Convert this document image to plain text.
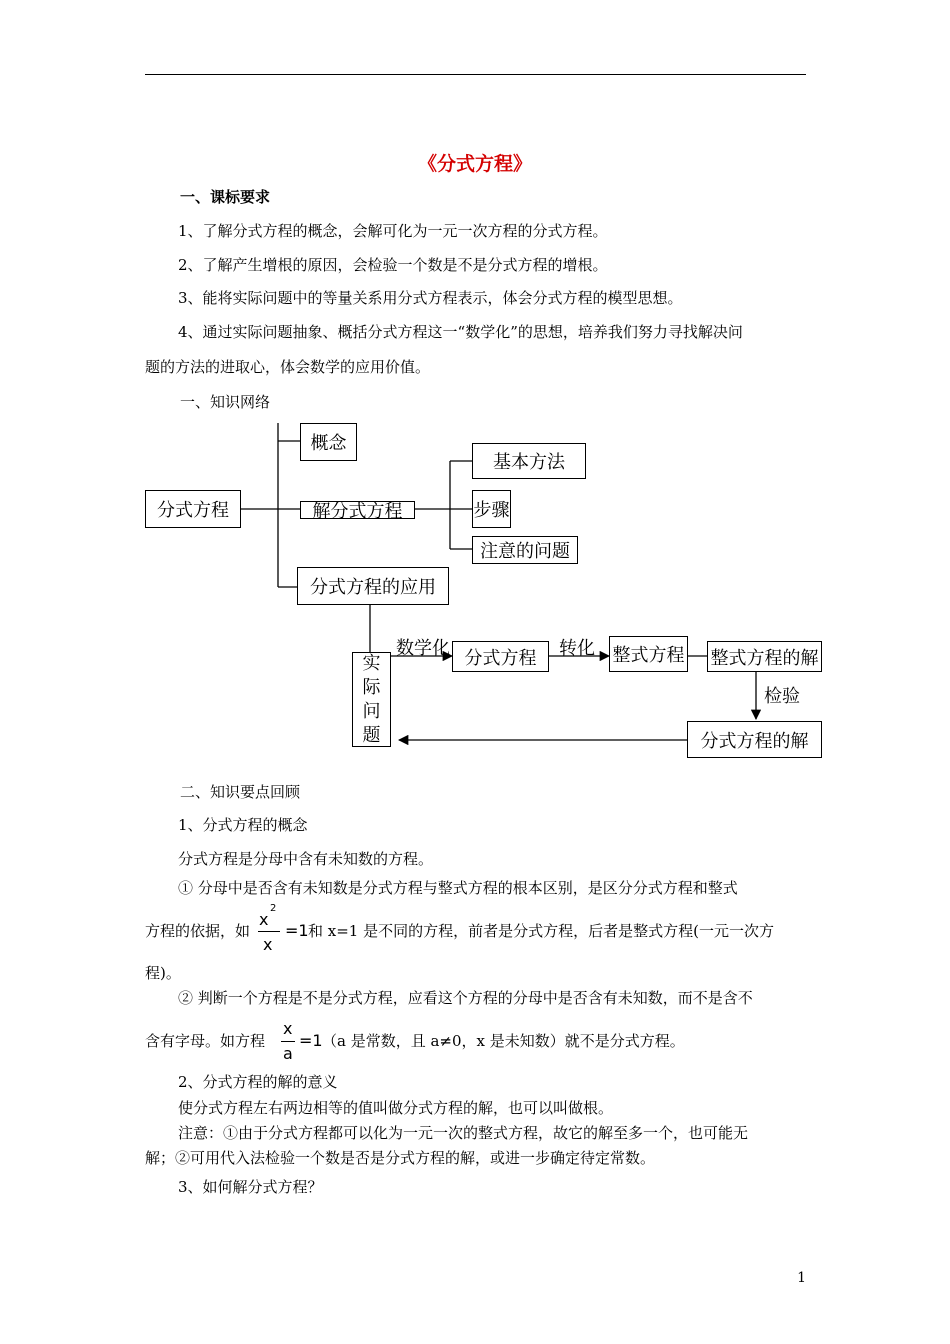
《分式方程》
一、课标要求
1、了解分式方程的概念，会解可化为一元一次方程的分式方程。
2、了解产生增根的原因，会检验一个数是不是分式方程的增根。
3、能将实际问题中的等量关系用分式方程表示，体会分式方程的模型思想。
4、通过实际问题抽象、概括分式方程这一“数学化”的思想，培养我们努力寻找解决问
题的方法的进取心，体会数学的应用价值。
一、知识网络
分式方程
概念
解分式方程
分式方程的应用
基本方法
步骤
注意的问题
实
际
问
题
数学化 分式方程	转化 整式方程 整式方程的解
检验
分式方程的解
二、知识要点回顾
1、分式方程的概念
分式方程是分母中含有未知数的方程。
① 分母中是否含有未知数是分式方程与整式方程的根本区别，是区分分式方程和整式
方程的依据，如
x
2
x
=1 和 x=1 是不同的方程，前者是分式方程，后者是整式方程(一元一次方
程)。
② 判断一个方程是不是分式方程，应看这个方程的分母中是否含有未知数，而不是含不
含有字母。如方程
x
a
=1 （a 是常数，且 a≠0，x 是未知数）就不是分式方程。
2、分式方程的解的意义
使分式方程左右两边相等的值叫做分式方程的解，也可以叫做根。
注意：①由于分式方程都可以化为一元一次的整式方程，故它的解至多一个，也可能无
解；②可用代入法检验一个数是否是分式方程的解，或进一步确定待定常数。
3、如何解分式方程？
1
